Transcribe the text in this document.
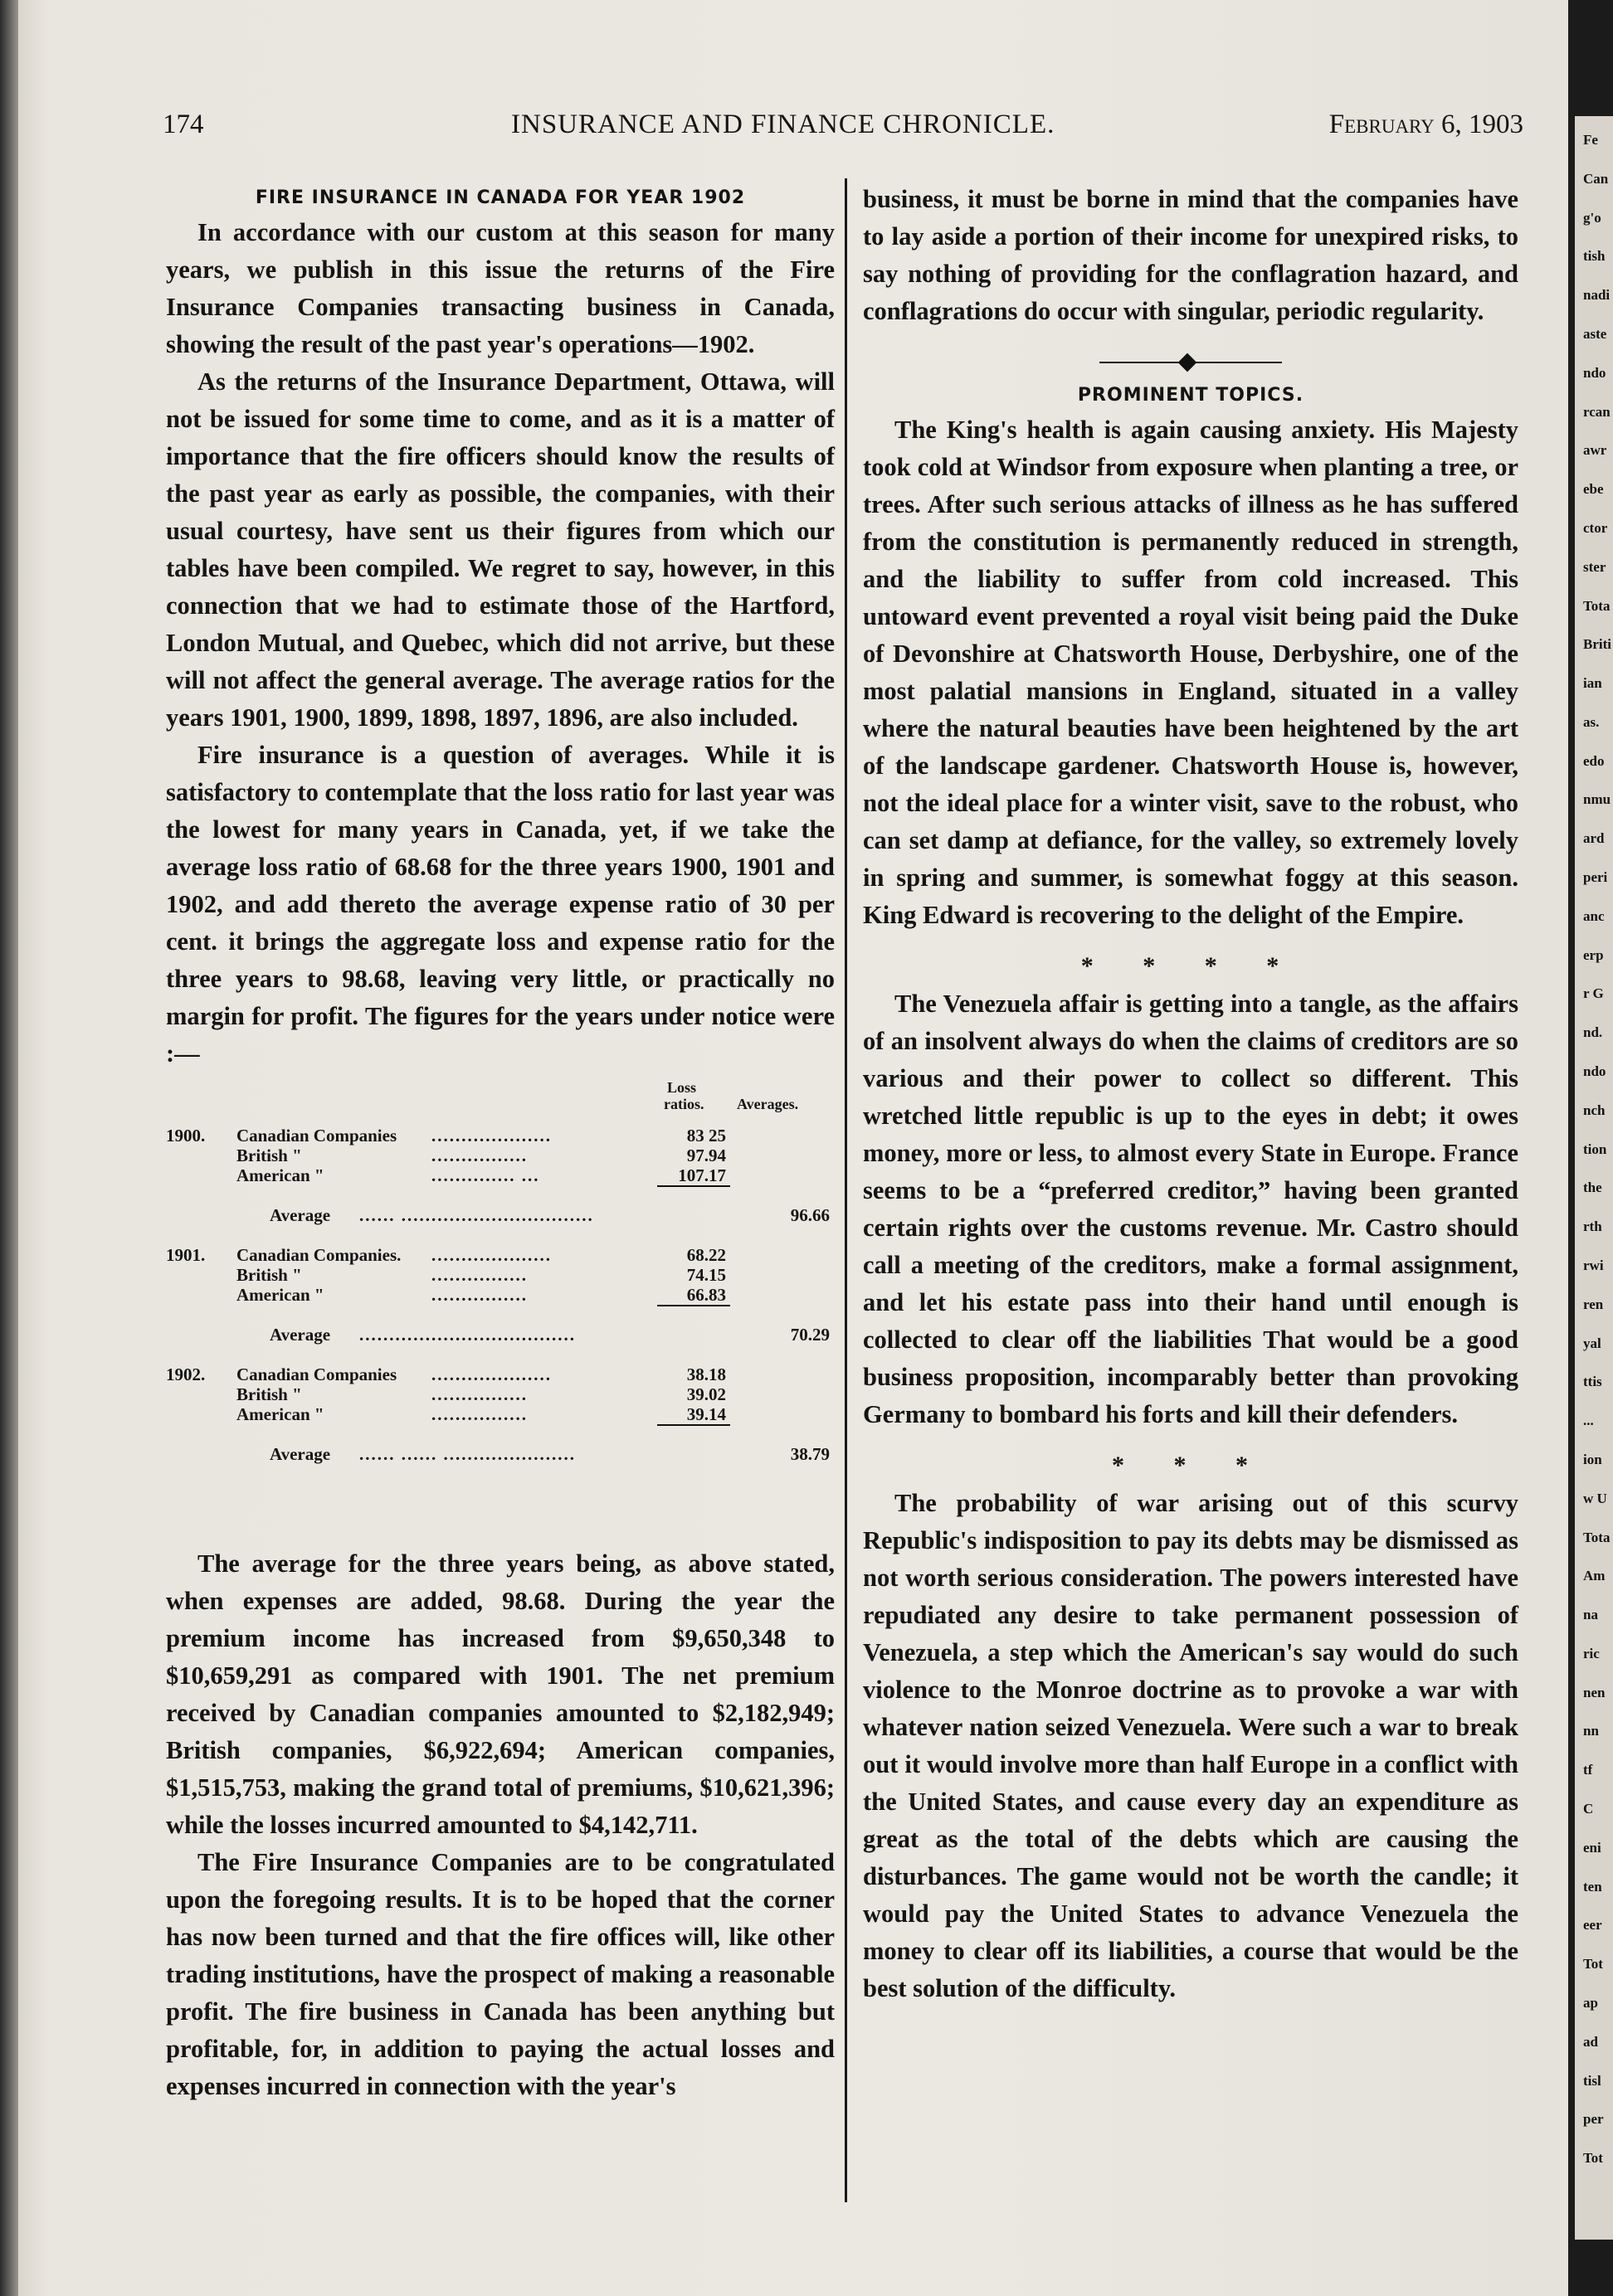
174	INSURANCE AND FINANCE CHRONICLE.	February 6, 1903
FIRE INSURANCE IN CANADA FOR YEAR 1902

In accordance with our custom at this season for many years, we publish in this issue the returns of the Fire Insurance Companies transacting business in Canada, showing the result of the past year's operations—1902.

As the returns of the Insurance Department, Ottawa, will not be issued for some time to come, and as it is a matter of importance that the fire officers should know the results of the past year as early as possible, the companies, with their usual courtesy, have sent us their figures from which our tables have been compiled. We regret to say, however, in this connection that we had to estimate those of the Hartford, London Mutual, and Quebec, which did not arrive, but these will not affect the general average. The average ratios for the years 1901, 1900, 1899, 1898, 1897, 1896, are also included.

Fire insurance is a question of averages. While it is satisfactory to contemplate that the loss ratio for last year was the lowest for many years in Canada, yet, if we take the average loss ratio of 68.68 for the three years 1900, 1901 and 1902, and add thereto the average expense ratio of 30 per cent. it brings the aggregate loss and expense ratio for the three years to 98.68, leaving very little, or practically no margin for profit. The figures for the years under notice were :—

Loss
ratios. Averages.
1900.	Canadian Companies ....................	83 25
British "	................	97.94
American "	.............. ...	107.17
Average ...... ................................	96.66
1901.	Canadian Companies. ....................	68.22
British "	................	74.15
American "	................	66.83
Average ....................................	70.29
1902.	Canadian Companies ....................	38.18
British "	................	39.02
American "	................	39.14
Average ...... ...... ......................	38.79

The average for the three years being, as above stated, when expenses are added, 98.68. During the year the premium income has increased from $9,650,348 to $10,659,291 as compared with 1901. The net premium received by Canadian companies amounted to $2,182,949; British companies, $6,922,694; American companies, $1,515,753, making the grand total of premiums, $10,621,396; while the losses incurred amounted to $4,142,711.

The Fire Insurance Companies are to be congratulated upon the foregoing results. It is to be hoped that the corner has now been turned and that the fire offices will, like other trading institutions, have the prospect of making a reasonable profit. The fire business in Canada has been anything but profitable, for, in addition to paying the actual losses and expenses incurred in connection with the year's

business, it must be borne in mind that the companies have to lay aside a portion of their income for unexpired risks, to say nothing of providing for the conflagration hazard, and conflagrations do occur with singular, periodic regularity.

PROMINENT TOPICS.

The King's health is again causing anxiety. His Majesty took cold at Windsor from exposure when planting a tree, or trees. After such serious attacks of illness as he has suffered from the constitution is permanently reduced in strength, and the liability to suffer from cold increased. This untoward event prevented a royal visit being paid the Duke of Devonshire at Chatsworth House, Derbyshire, one of the most palatial mansions in England, situated in a valley where the natural beauties have been heightened by the art of the landscape gardener. Chatsworth House is, however, not the ideal place for a winter visit, save to the robust, who can set damp at defiance, for the valley, so extremely lovely in spring and summer, is somewhat foggy at this season. King Edward is recovering to the delight of the Empire.

* * * *

The Venezuela affair is getting into a tangle, as the affairs of an insolvent always do when the claims of creditors are so various and their power to collect so different. This wretched little republic is up to the eyes in debt; it owes money, more or less, to almost every State in Europe. France seems to be a “preferred creditor,” having been granted certain rights over the customs revenue. Mr. Castro should call a meeting of the creditors, make a formal assignment, and let his estate pass into their hand until enough is collected to clear off the liabilities That would be a good business proposition, incomparably better than provoking Germany to bombard his forts and kill their defenders.

* * *

The probability of war arising out of this scurvy Republic's indisposition to pay its debts may be dismissed as not worth serious consideration. The powers interested have repudiated any desire to take permanent possession of Venezuela, a step which the American's say would do such violence to the Monroe doctrine as to provoke a war with whatever nation seized Venezuela. Were such a war to break out it would involve more than half Europe in a conflict with the United States, and cause every day an expenditure as great as the total of the debts which are causing the disturbances. The game would not be worth the candle; it would pay the United States to advance Venezuela the money to clear off its liabilities, a course that would be the best solution of the difficulty.

Fe
Can
g'o
tish
nadi
aste
ndo
rcan
awr
ebe
ctor
ster
Tota
Briti
ian
as.
edo
nmu
ard
peri
anc
erp
r G
nd.
ndo
nch
tion
the
rth
rwi
ren
yal
ttis
...
ion
w U
Tota
Am
na
ric
nen
nn
tf
C
eni
ten
eer
Tot
ap
ad
tisl
per
Tot
